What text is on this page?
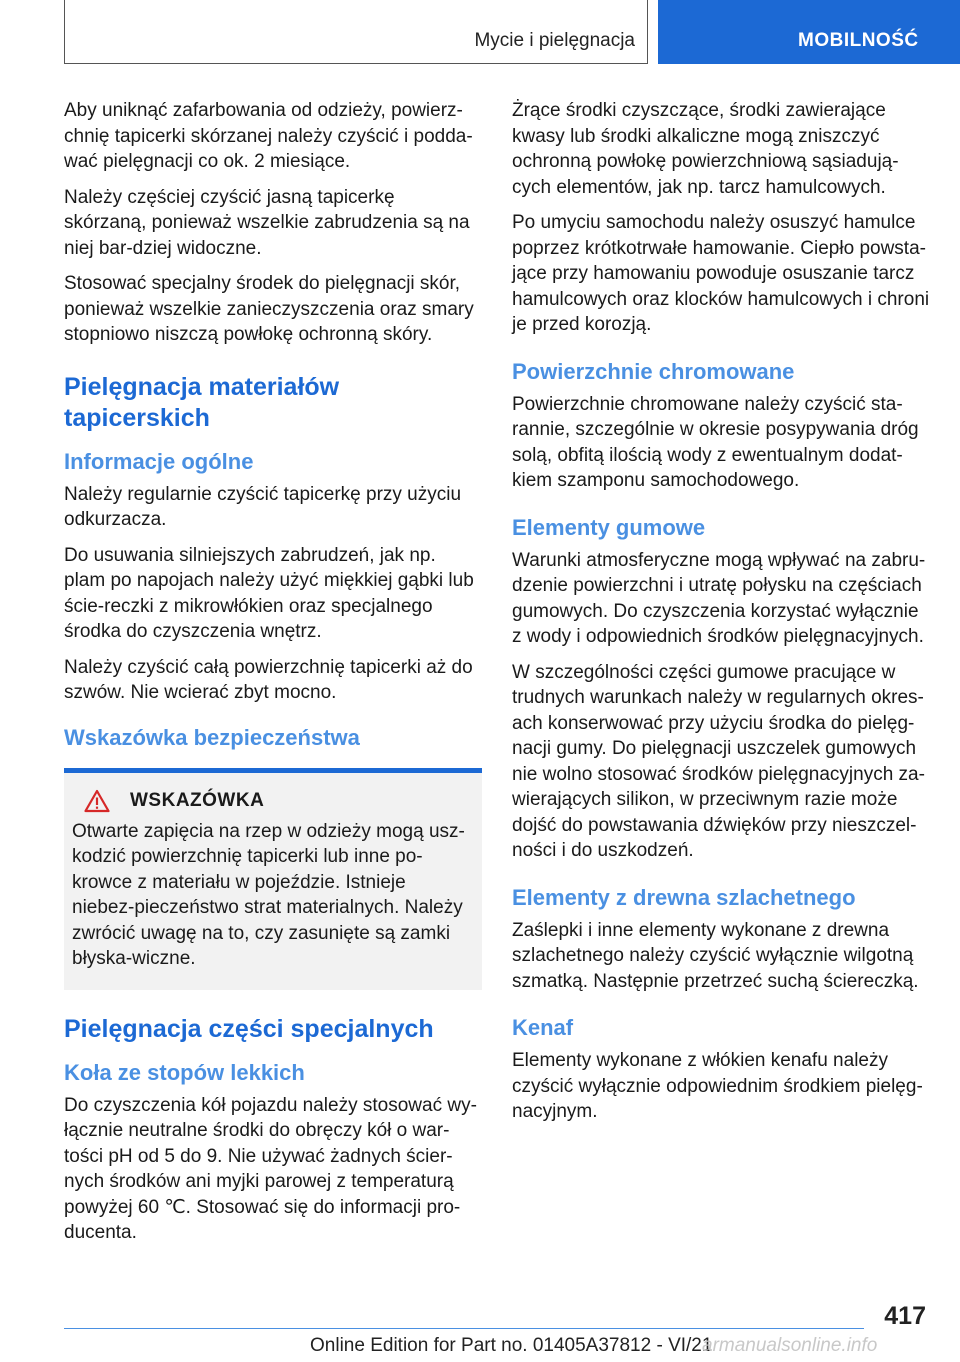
Mycie i pielęgnacja	MOBILNOŚĆ

Aby uniknąć zafarbowania od odzieży, powierz-chnię tapicerki skórzanej należy czyścić i podda-wać pielęgnacji co ok. 2 miesiące.

Należy częściej czyścić jasną tapicerkę skórzaną, ponieważ wszelkie zabrudzenia są na niej bar-dziej widoczne.

Stosować specjalny środek do pielęgnacji skór, ponieważ wszelkie zanieczyszczenia oraz smary stopniowo niszczą powłokę ochronną skóry.

Pielęgnacja materiałów tapicerskich
Informacje ogólne

Należy regularnie czyścić tapicerkę przy użyciu odkurzacza.

Do usuwania silniejszych zabrudzeń, jak np. plam po napojach należy użyć miękkiej gąbki lub ście-reczki z mikrowłókien oraz specjalnego środka do czyszczenia wnętrz.

Należy czyścić całą powierzchnię tapicerki aż do szwów. Nie wcierać zbyt mocno.

Wskazówka bezpieczeństwa
WSKAZÓWKA

Otwarte zapięcia na rzep w odzieży mogą usz-kodzić powierzchnię tapicerki lub inne po-krowce z materiału w pojeździe. Istnieje niebez-pieczeństwo strat materialnych. Należy zwrócić uwagę na to, czy zasunięte są zamki błyska-wiczne.

Pielęgnacja części specjalnych
Koła ze stopów lekkich

Do czyszczenia kół pojazdu należy stosować wy-łącznie neutralne środki do obręczy kół o war-tości pH od 5 do 9. Nie używać żadnych ścier-nych środków ani myjki parowej z temperaturą powyżej 60 ℃. Stosować się do informacji pro-ducenta.

Żrące środki czyszczące, środki zawierające kwasy lub środki alkaliczne mogą zniszczyć ochronną powłokę powierzchniową sąsiadują-cych elementów, jak np. tarcz hamulcowych.

Po umyciu samochodu należy osuszyć hamulce poprzez krótkotrwałe hamowanie. Ciepło powsta-jące przy hamowaniu powoduje osuszanie tarcz hamulcowych oraz klocków hamulcowych i chroni je przed korozją.

Powierzchnie chromowane

Powierzchnie chromowane należy czyścić sta-rannie, szczególnie w okresie posypywania dróg solą, obfitą ilością wody z ewentualnym dodat-kiem szamponu samochodowego.

Elementy gumowe

Warunki atmosferyczne mogą wpływać na zabru-dzenie powierzchni i utratę połysku na częściach gumowych. Do czyszczenia korzystać wyłącznie z wody i odpowiednich środków pielęgnacyjnych.

W szczególności części gumowe pracujące w trudnych warunkach należy w regularnych okres-ach konserwować przy użyciu środka do pielęg-nacji gumy. Do pielęgnacji uszczelek gumowych nie wolno stosować środków pielęgnacyjnych za-wierających silikon, w przeciwnym razie może dojść do powstawania dźwięków przy nieszczel-ności i do uszkodzeń.

Elementy z drewna szlachetnego

Zaślepki i inne elementy wykonane z drewna szlachetnego należy czyścić wyłącznie wilgotną szmatką. Następnie przetrzeć suchą ściereczką.

Kenaf

Elementy wykonane z włókien kenafu należy czyścić wyłącznie odpowiednim środkiem pielęg-nacyjnym.

417
Online Edition for Part no. 01405A37812 - VI/21
armanualsonline.info
